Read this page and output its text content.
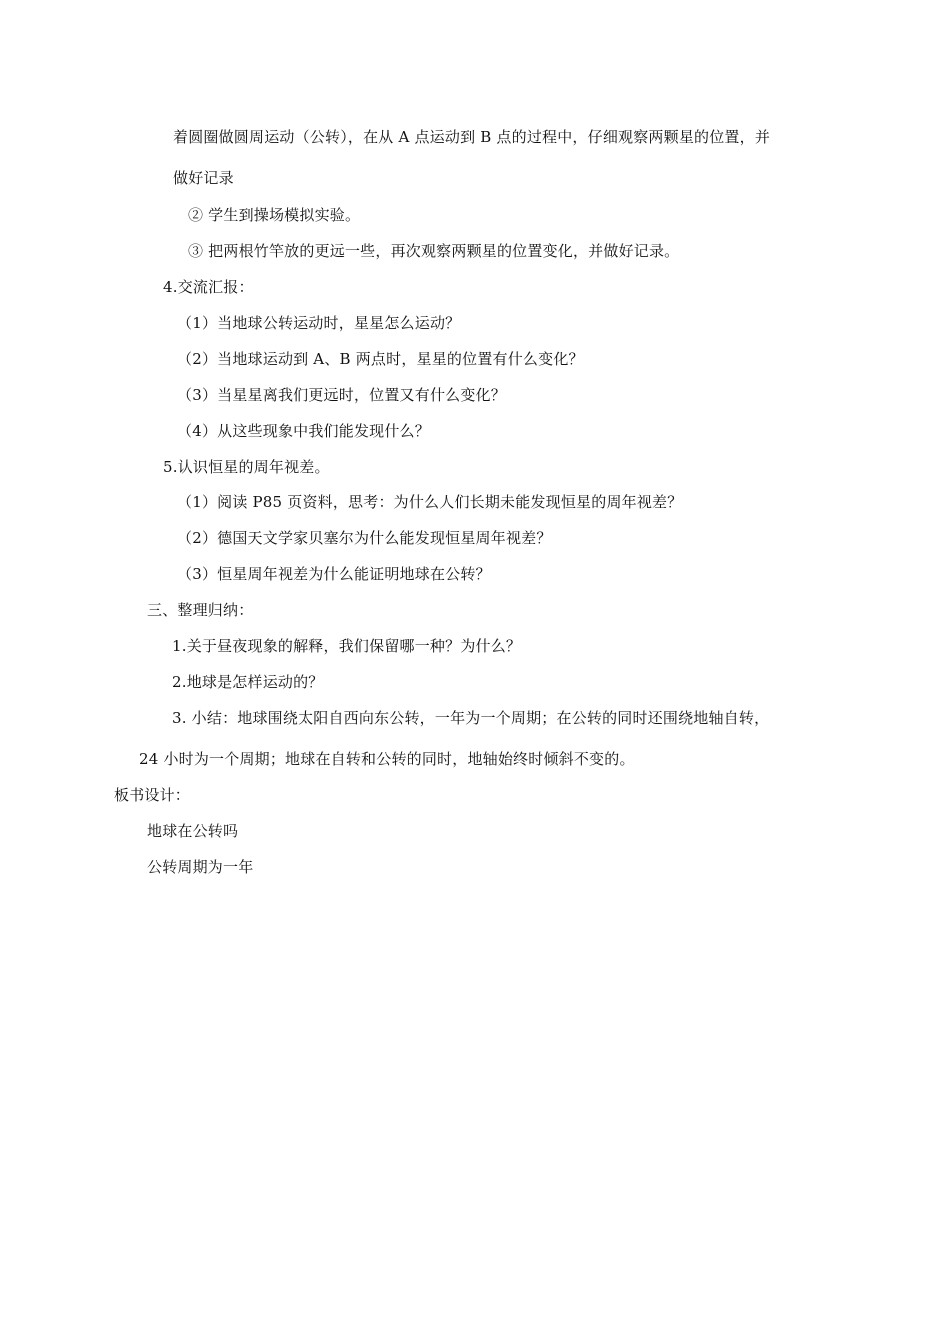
着圆圈做圆周运动（公转），在从 A 点运动到 B 点的过程中，仔细观察两颗星的位置，并
做好记录
② 学生到操场模拟实验。
③ 把两根竹竿放的更远一些，再次观察两颗星的位置变化，并做好记录。
4.交流汇报：
（1）当地球公转运动时，星星怎么运动？
（2）当地球运动到 A、B 两点时，星星的位置有什么变化？
（3）当星星离我们更远时，位置又有什么变化？
（4）从这些现象中我们能发现什么？
5.认识恒星的周年视差。
（1）阅读 P85 页资料，思考：为什么人们长期未能发现恒星的周年视差？
（2）德国天文学家贝塞尔为什么能发现恒星周年视差？
（3）恒星周年视差为什么能证明地球在公转？
三、整理归纳：
1.关于昼夜现象的解释，我们保留哪一种？为什么？
2.地球是怎样运动的？
3. 小结：地球围绕太阳自西向东公转，一年为一个周期；在公转的同时还围绕地轴自转，
24 小时为一个周期；地球在自转和公转的同时，地轴始终时倾斜不变的。
板书设计：
地球在公转吗
公转周期为一年
